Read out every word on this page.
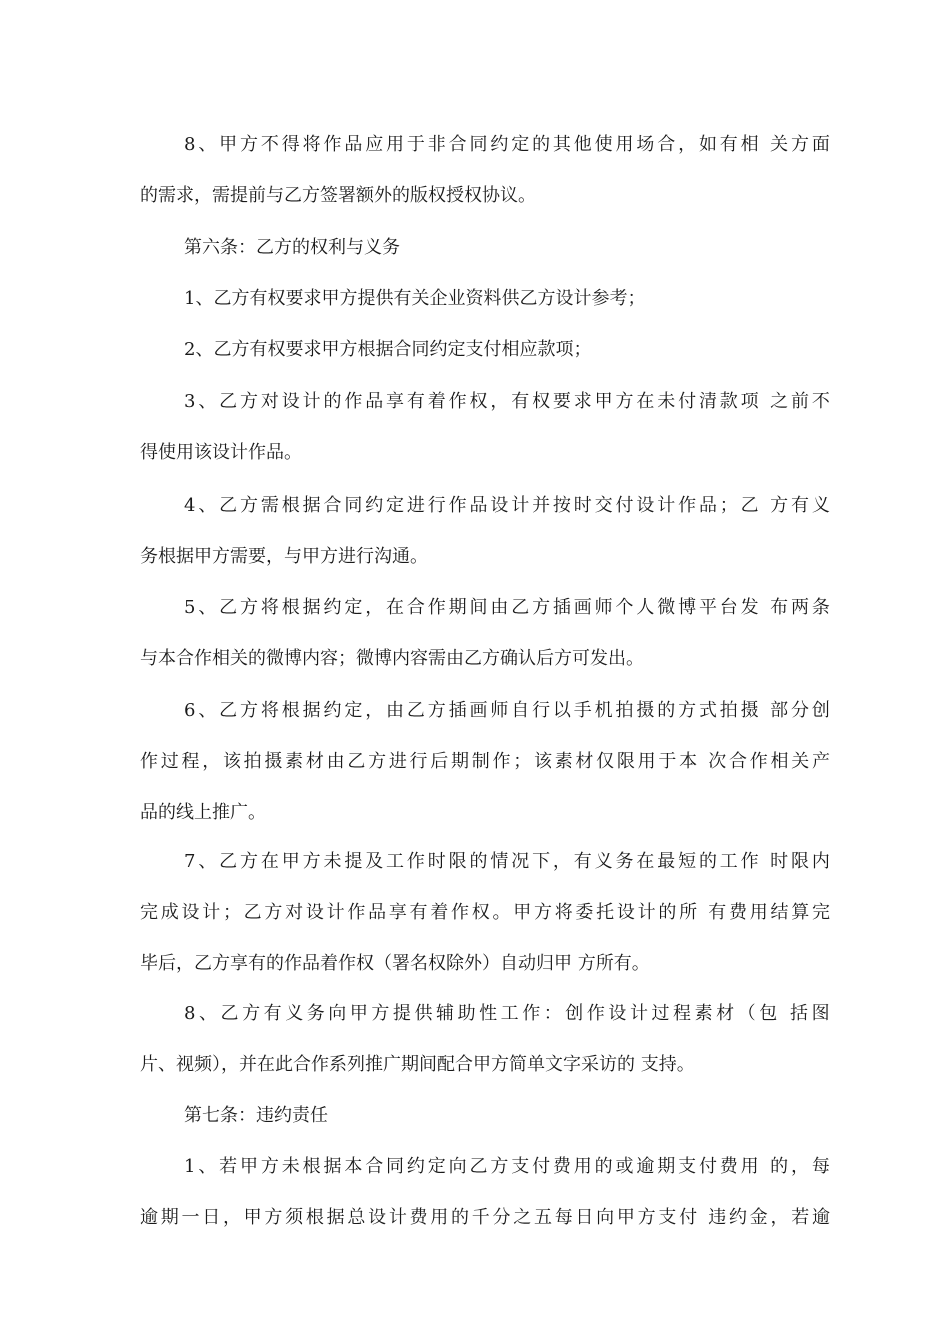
8 、 甲 方 不 得 将 作 品 应 用 于 非 合 同 约 定 的 其 他 使 用 场 合 ， 如 有 相
关 方 面
的需求，需提前与乙方签署额外的版权授权协议。
第六条：乙方的权利与义务
1、乙方有权要求甲方提供有关企业资料供乙方设计参考；
2、乙方有权要求甲方根据合同约定支付相应款项；
3 、 乙 方 对 设 计 的 作 品 享 有 着 作 权 ， 有 权 要 求 甲 方 在 未 付 清 款 项
之 前 不
得使用该设计作品。
4 、 乙 方 需 根 据 合 同 约 定 进 行 作 品 设 计 并 按 时 交 付 设 计 作 品 ； 乙
方 有 义
务根据甲方需要，与甲方进行沟通。
5 、 乙 方 将 根 据 约 定 ， 在 合 作 期 间 由 乙 方 插 画 师 个 人 微 博 平 台 发
布 两 条
与本合作相关的微博内容；微博内容需由乙方确认后方可发出。
6 、 乙 方 将 根 据 约 定 ， 由 乙 方 插 画 师 自 行 以 手 机 拍 摄 的 方 式 拍 摄
部 分 创
作 过 程 ， 该 拍 摄 素 材 由 乙 方 进 行 后 期 制 作 ； 该 素 材 仅 限 用 于 本
次 合 作 相 关 产
品的线上推广。
7 、 乙 方 在 甲 方 未 提 及 工 作 时 限 的 情 况 下 ， 有 义 务 在 最 短 的 工 作
时 限 内
完 成 设 计 ； 乙 方 对 设 计 作 品 享 有 着 作 权 。 甲 方 将 委 托 设 计 的 所
有 费 用 结 算 完
毕后，乙方享有的作品着作权（署名权除外）自动归甲 方所有。
8 、 乙 方 有 义 务 向 甲 方 提 供 辅 助 性 工 作 ： 创 作 设 计 过 程 素 材 （ 包
括 图
片、视频），并在此合作系列推广期间配合甲方简单文字采访的 支持。
第七条：违约责任
1 、 若 甲 方 未 根 据 本 合 同 约 定 向 乙 方 支 付 费 用 的 或 逾 期 支 付 费 用
的 ， 每
逾 期 一 日 ， 甲 方 须 根 据 总 设 计 费 用 的 千 分 之 五 每 日 向 甲 方 支 付
违 约 金 ， 若 逾
